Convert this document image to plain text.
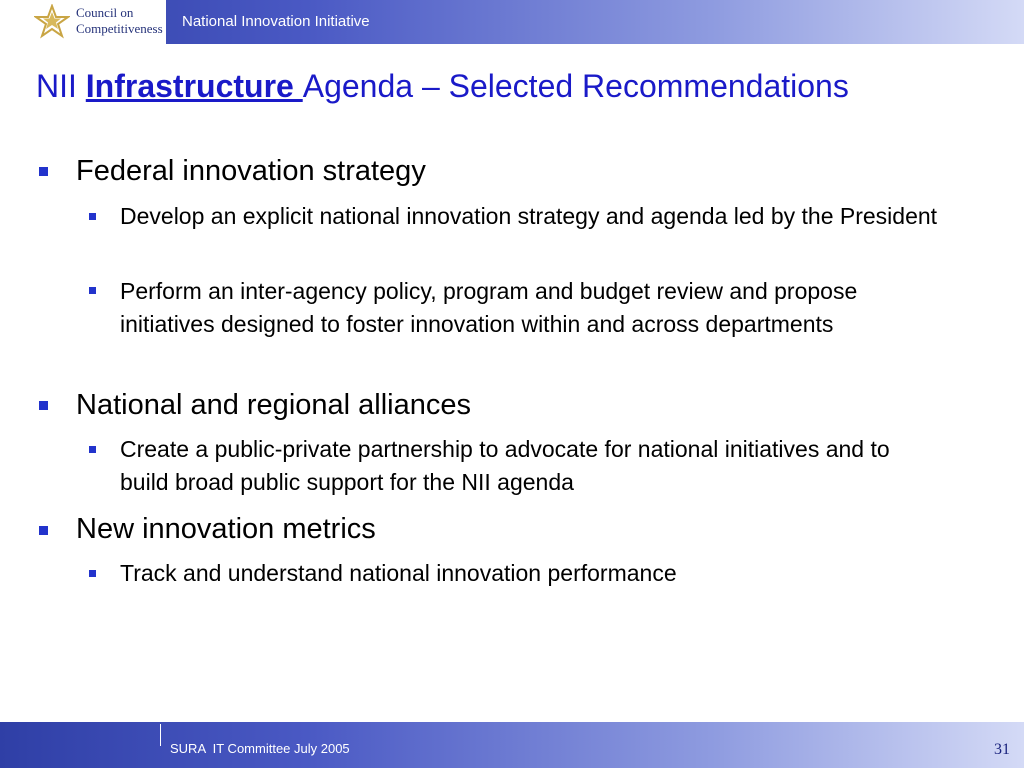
Council on
Competitiveness National Innovation Initiative
NII Infrastructure Agenda – Selected Recommendations
Federal innovation strategy
Develop an explicit national innovation strategy and agenda led by the President
Perform an inter-agency policy, program and budget review and propose initiatives designed to foster innovation within and across departments
National and regional alliances
Create a public-private partnership to advocate for national initiatives and to build broad public support for the NII agenda
New innovation metrics
Track and understand national innovation performance
SURA  IT Committee July 2005	31
